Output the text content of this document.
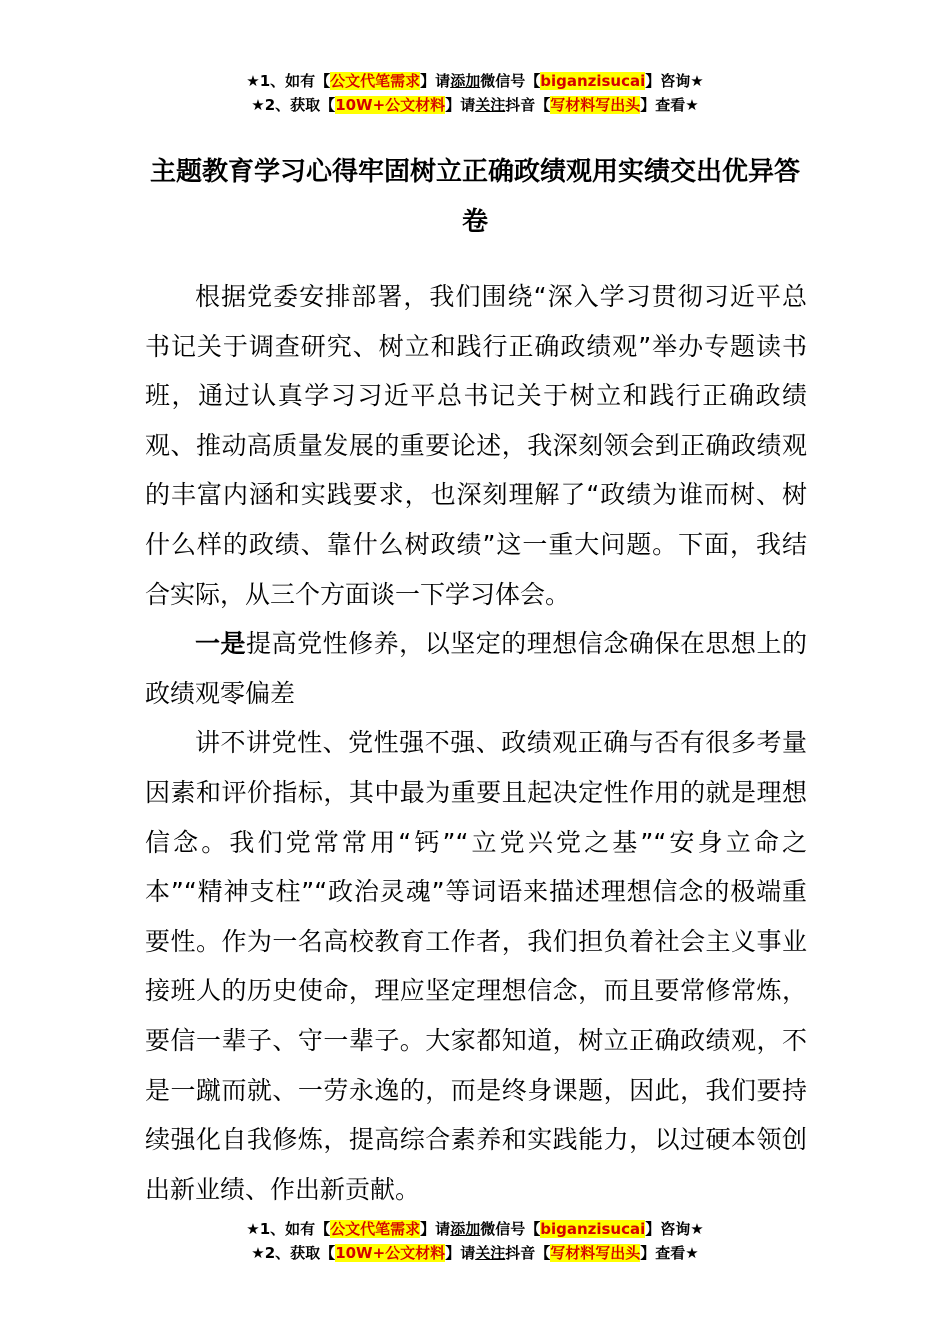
★1、如有【公文代笔需求】请添加微信号【biganzisucai】咨询★
★2、获取【10W+公文材料】请关注抖音【写材料写出头】查看★
主题教育学习心得牢固树立正确政绩观用实绩交出优异答卷

根据党委安排部署，我们围绕“深入学习贯彻习近平总书记关于调查研究、树立和践行正确政绩观”举办专题读书班，通过认真学习习近平总书记关于树立和践行正确政绩观、推动高质量发展的重要论述，我深刻领会到正确政绩观的丰富内涵和实践要求，也深刻理解了“政绩为谁而树、树什么样的政绩、靠什么树政绩”这一重大问题。下面，我结合实际，从三个方面谈一下学习体会。

一是提高党性修养，以坚定的理想信念确保在思想上的政绩观零偏差

讲不讲党性、党性强不强、政绩观正确与否有很多考量因素和评价指标，其中最为重要且起决定性作用的就是理想信念。我们党常常用“钙”“立党兴党之基”“安身立命之本”“精神支柱”“政治灵魂”等词语来描述理想信念的极端重要性。作为一名高校教育工作者，我们担负着社会主义事业接班人的历史使命，理应坚定理想信念，而且要常修常炼，要信一辈子、守一辈子。大家都知道，树立正确政绩观，不是一蹴而就、一劳永逸的，而是终身课题，因此，我们要持续强化自我修炼，提高综合素养和实践能力，以过硬本领创出新业绩、作出新贡献。

★1、如有【公文代笔需求】请添加微信号【biganzisucai】咨询★
★2、获取【10W+公文材料】请关注抖音【写材料写出头】查看★
